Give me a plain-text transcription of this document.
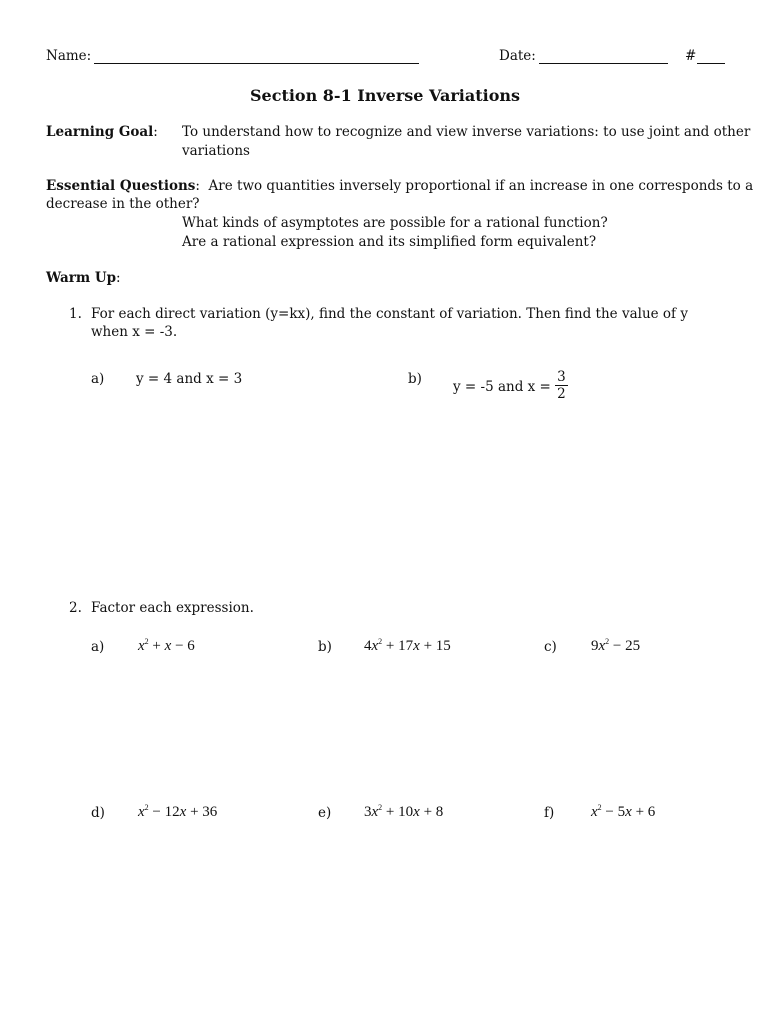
Name:	Date:	#
Section 8-1 Inverse Variations
Learning Goal: To understand how to recognize and view inverse variations: to use joint and other
variations
Essential Questions: Are two quantities inversely proportional if an increase in one corresponds to a
decrease in the other?
What kinds of asymptotes are possible for a rational function?
Are a rational expression and its simplified form equivalent?
Warm Up:
1. For each direct variation (y=kx), find the constant of variation. Then find the value of y
when x = -3.
a) y = 4 and x = 3	b) y = -5 and $x = \frac{3}{2}$
2. Factor each expression.
a) $x^2 + x - 6$	b) $4x^2 + 17x + 15$	c) $9x^2 - 25$
d) $x^2 - 12x + 36$	e) $3x^2 + 10x + 8$	f) $x^2 - 5x + 6$
